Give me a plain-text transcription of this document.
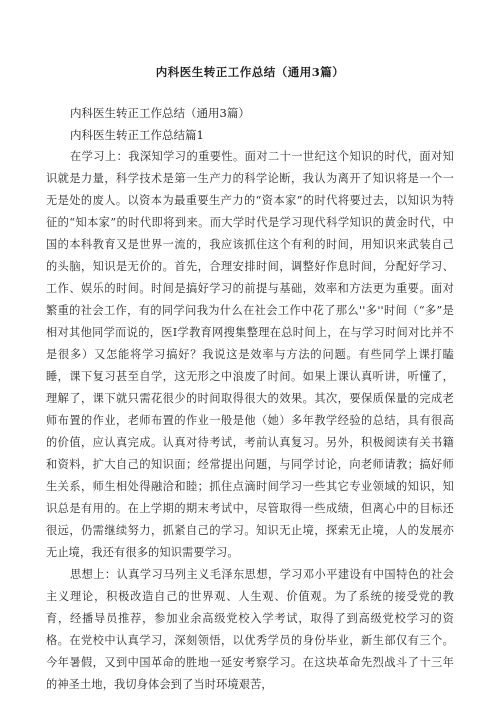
内科医生转正工作总结（通用3篇）
内科医生转正工作总结（通用3篇）
内科医生转正工作总结篇1

在学习上：我深知学习的重要性。面对二十一世纪这个知识的时代，面对知识就是力量，科学技术是第一生产力的科学论断，我认为离开了知识将是一个一无是处的废人。以资本为最重要生产力的“资本家”的时代将要过去，以知识为特征的“知本家”的时代即将到来。而大学时代是学习现代科学知识的黄金时代，中国的本科教育又是世界一流的，我应该抓住这个有利的时间，用知识来武装自己的头脑，知识是无价的。首先，合理安排时间，调整好作息时间，分配好学习、工作、娱乐的时间。时间是搞好学习的前提与基础，效率和方法更为重要。面对繁重的社会工作，有的同学问我为什么在社会工作中花了那么''多''时间（“多”是相对其他同学而说的，医I学教育网搜集整理在总时间上，在与学习时间对比并不是很多）又怎能将学习搞好？我说这是效率与方法的问题。有些同学上课打瞌睡，课下复习甚至自学，这无形之中浪废了时间。如果上课认真听讲，听懂了，理解了，课下就只需花很少的时间取得很大的效果。其次，要保质保量的完成老师布置的作业，老师布置的作业一般是他（她）多年教学经验的总结，具有很高的价值，应认真完成。认真对待考试，考前认真复习。另外，积极阅读有关书籍和资料，扩大自己的知识面；经常提出问题，与同学讨论，向老师请教；搞好师生关系，师生相处得融洽和睦；抓住点滴时间学习一些其它专业领域的知识，知识总是有用的。在上学期的期末考试中，尽管取得一些成绩，但离心中的目标还很远，仍需继续努力，抓紧自己的学习。知识无止境，探索无止境，人的发展亦无止境，我还有很多的知识需要学习。

思想上：认真学习马列主义毛泽东思想，学习邓小平建设有中国特色的社会主义理论，积极改造自己的世界观、人生观、价值观。为了系统的接受党的教育，经播导员推荐，参加业余高级党校入学考试，取得了到高级党校学习的资格。在党校中认真学习，深刻领悟，以优秀学员的身份毕业，新生部仅有三个。今年暑假，又到中国革命的胜地一延安考察学习。在这块革命先烈战斗了十三年的神圣土地，我切身体会到了当时环境艰苦，
